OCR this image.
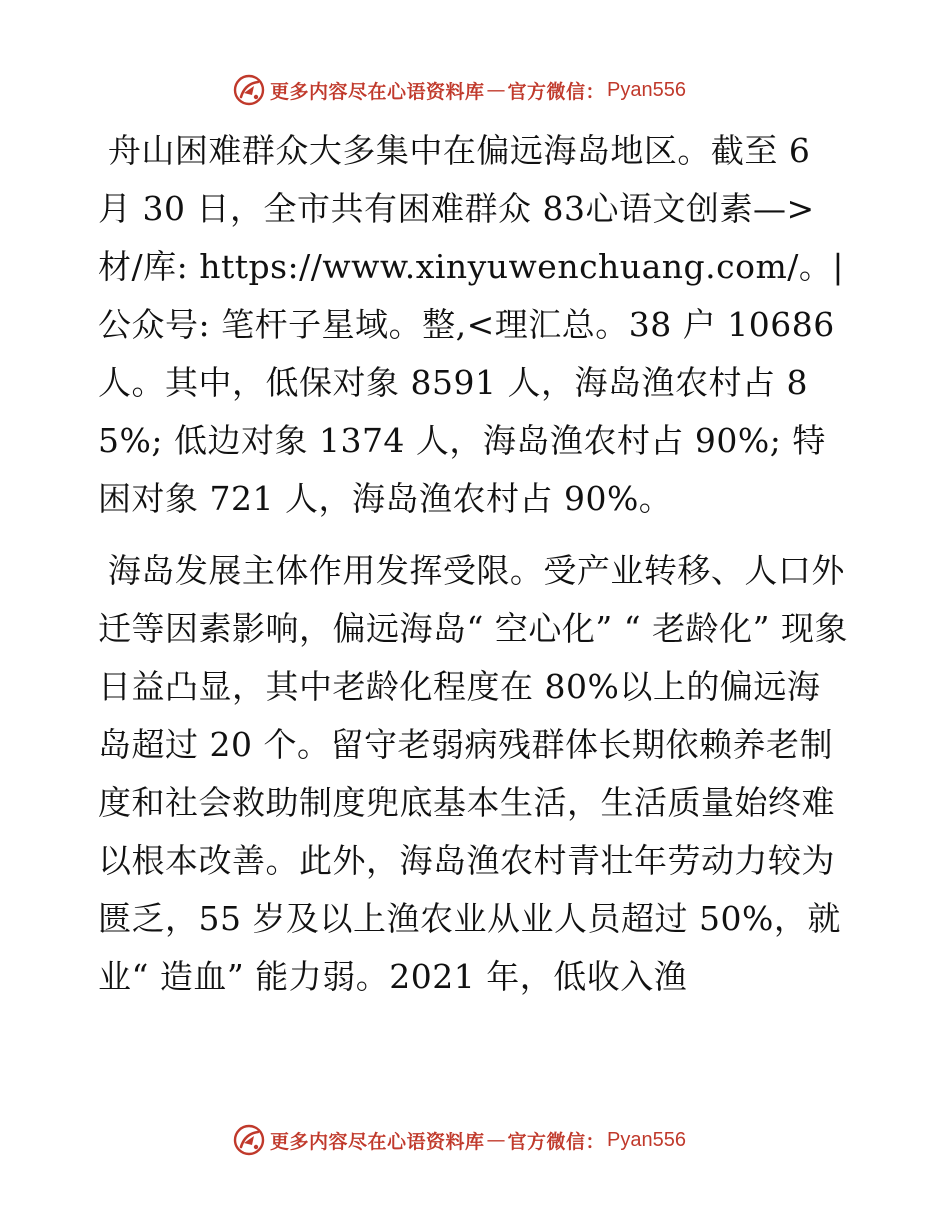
更多内容尽在心语资料库 — 官方微信： Pyan556

舟山困难群众大多集中在偏远海岛地区。截至 6 月 30 日，全市共有困难群众 83心语文创素—>材/库: https://www.xinyuwenchuang.com/。|公众号: 笔杆子星域。整,<理汇总。38 户 10686 人。其中，低保对象 8591 人，海岛渔农村占 85%; 低边对象 1374 人，海岛渔农村占 90%; 特困对象 721 人，海岛渔农村占 90%。

海岛发展主体作用发挥受限。受产业转移、人口外迁等因素影响，偏远海岛“ 空心化” “ 老龄化” 现象日益凸显，其中老龄化程度在 80%以上的偏远海岛超过 20 个。留守老弱病残群体长期依赖养老制度和社会救助制度兜底基本生活，生活质量始终难以根本改善。此外，海岛渔农村青壮年劳动力较为匮乏，55 岁及以上渔农业从业人员超过 50%，就业“ 造血” 能力弱。2021 年，低收入渔

更多内容尽在心语资料库 — 官方微信： Pyan556
